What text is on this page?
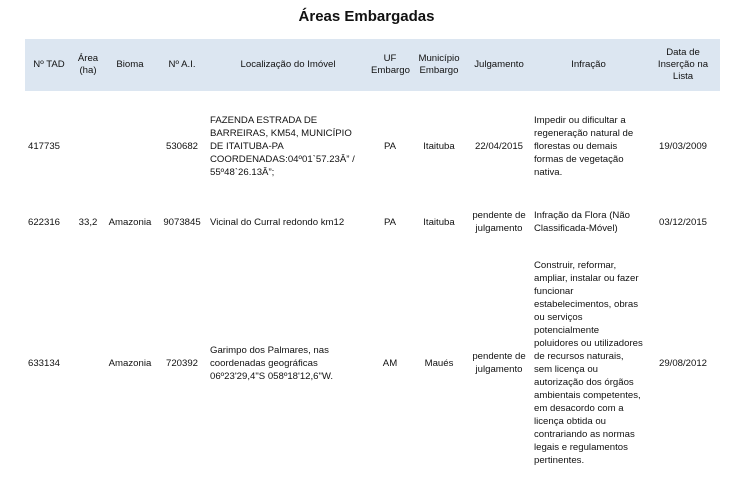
Áreas Embargadas
Nº TAD	Área (ha)	Bioma	Nº A.I.	Localização do Imóvel	UF Embargo	Município Embargo	Julgamento	Infração	Data de Inserção na Lista
417735			530682	FAZENDA ESTRADA DE BARREIRAS, KM54, MUNICÍPIO DE ITAITUBA-PA COORDENADAS:04º01`57.23Â” / 55º48`26.13Â”;	PA	Itaituba	22/04/2015	Impedir ou dificultar a regeneração natural de florestas ou demais formas de vegetação nativa.	19/03/2009
622316	33,2	Amazonia	9073845	Vicinal do Curral redondo km12	PA	Itaituba	pendente de julgamento	Infração da Flora (Não Classificada-Móvel)	03/12/2015
633134		Amazonia	720392	Garimpo dos Palmares, nas coordenadas geográficas 06º23'29,4"S 058º18'12,6"W.	AM	Maués	pendente de julgamento	Construir, reformar, ampliar, instalar ou fazer funcionar estabelecimentos, obras ou serviços potencialmente poluidores ou utilizadores de recursos naturais, sem licença ou autorização dos órgãos ambientais competentes, em desacordo com a licença obtida ou contrariando as normas legais e regulamentos pertinentes.	29/08/2012
